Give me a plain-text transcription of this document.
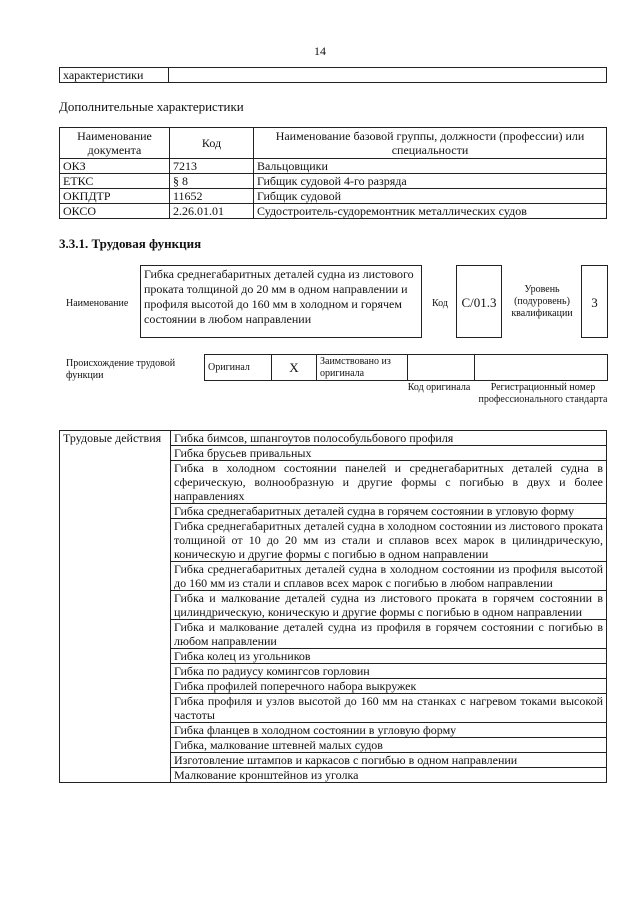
14
характеристики	
Дополнительные характеристики
Наименование документа	Код	Наименование базовой группы, должности (профессии) или специальности
ОКЗ	7213	Вальцовщики
ЕТКС	§ 8	Гибщик судовой 4-го разряда
ОКПДТР	11652	Гибщик судовой
ОКСО	2.26.01.01	Судостроитель-судоремонтник металлических судов
3.3.1. Трудовая функция
Наименование
Гибка среднегабаритных деталей судна из листового проката толщиной до 20 мм в одном направлении и профиля высотой до 160 мм в холодном и горячем состоянии в любом направлении
Код	C/01.3
Уровень (подуровень) квалификации
3
Происхождение трудовой функции
Оригинал	X	Заимствовано из оригинала		
Код оригинала	Регистрационный номер профессионального стандарта
Трудовые действия	Гибка бимсов, шпангоутов полособульбового профиля
Гибка брусьев привальных
Гибка в холодном состоянии панелей и среднегабаритных деталей судна в сферическую, волнообразную и другие формы с погибью в двух и более направлениях
Гибка среднегабаритных деталей судна в горячем состоянии в угловую форму
Гибка среднегабаритных деталей судна в холодном состоянии из листового проката толщиной от 10 до 20 мм из стали и сплавов всех марок в цилиндрическую, коническую и другие формы с погибью в одном направлении
Гибка среднегабаритных деталей судна в холодном состоянии из профиля высотой до 160 мм из стали и сплавов всех марок с погибью в любом направлении
Гибка и малкование деталей судна из листового проката в горячем состоянии в цилиндрическую, коническую и другие формы с погибью в одном направлении
Гибка и малкование деталей судна из профиля в горячем состоянии с погибью в любом направлении
Гибка колец из угольников
Гибка по радиусу комингсов горловин
Гибка профилей поперечного набора выкружек
Гибка профиля и узлов высотой до 160 мм на станках с нагревом токами высокой частоты
Гибка фланцев в холодном состоянии в угловую форму
Гибка, малкование штевней малых судов
Изготовление штампов и каркасов с погибью в одном направлении
Малкование кронштейнов из уголка
